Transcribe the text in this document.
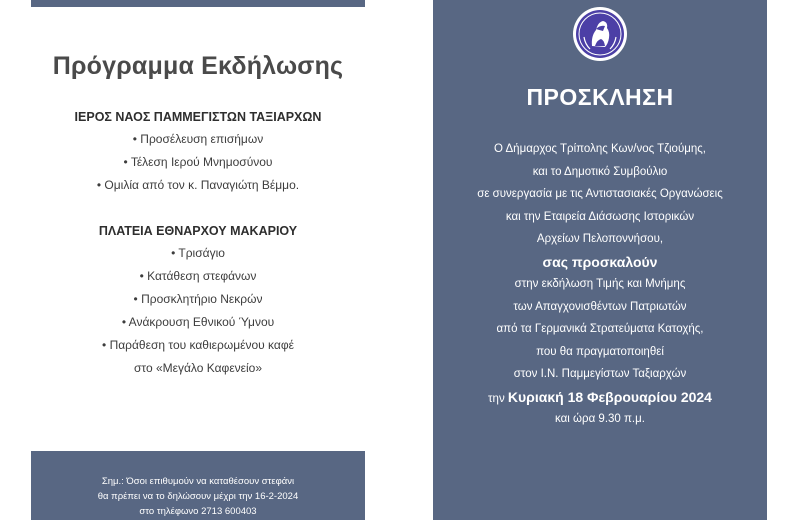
Πρόγραμμα Εκδήλωσης
ΙΕΡΟΣ ΝΑΟΣ ΠΑΜΜΕΓΙΣΤΩΝ ΤΑΞΙΑΡΧΩΝ
• Προσέλευση επισήμων
• Τέλεση Ιερού Μνημοσύνου
• Ομιλία από τον κ. Παναγιώτη Βέμμο.
ΠΛΑΤΕΙΑ ΕΘΝΑΡΧΟΥ ΜΑΚΑΡΙΟΥ
• Τρισάγιο
• Κατάθεση στεφάνων
• Προσκλητήριο Νεκρών
• Ανάκρουση Εθνικού Ύμνου
• Παράθεση του καθιερωμένου καφέ
στο «Μεγάλο Καφενείο»
Σημ.: Όσοι επιθυμούν να καταθέσουν στεφάνι
θα πρέπει να το δηλώσουν μέχρι την 16-2-2024
στο τηλέφωνο 2713 600403
ΠΡΟΣΚΛΗΣΗ
Ο Δήμαρχος Τρίπολης Κων/νος Τζιούμης,
και το Δημοτικό Συμβούλιο
σε συνεργασία με τις Αντιστασιακές Οργανώσεις
και την Εταιρεία Διάσωσης Ιστορικών
Αρχείων Πελοποννήσου,
σας προσκαλούν
στην εκδήλωση Τιμής και Μνήμης
των Απαγχονισθέντων Πατριωτών
από τα Γερμανικά Στρατεύματα Κατοχής,
που θα πραγματοποιηθεί
στον Ι.Ν. Παμμεγίστων Ταξιαρχών
την Κυριακή 18 Φεβρουαρίου 2024
και ώρα 9.30 π.μ.
